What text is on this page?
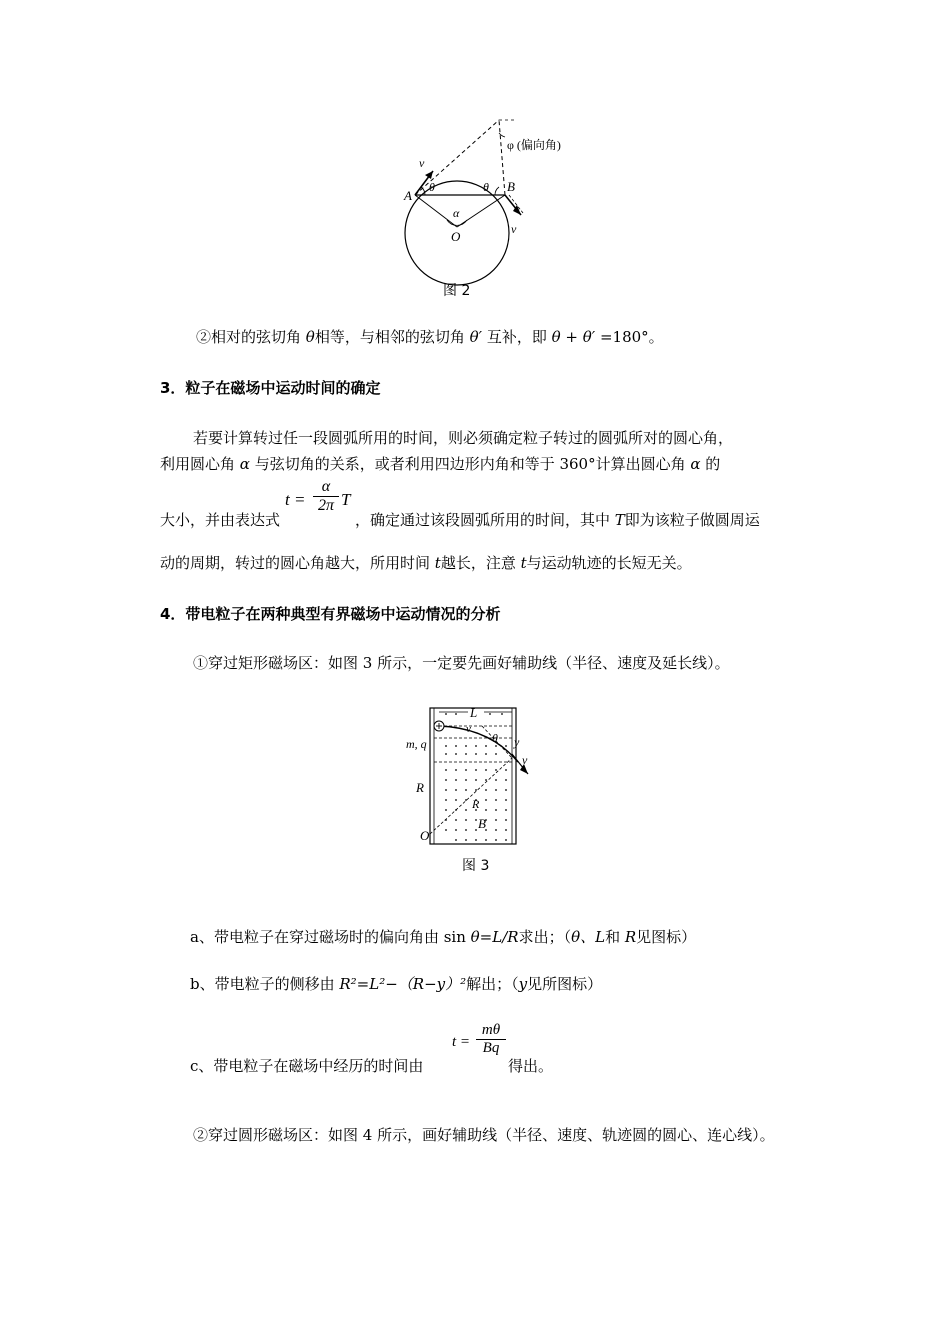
φ (偏向角)
A
B
O
θ	θ
α
v
v
图 2
②相对的弦切角 θ相等，与相邻的弦切角 θ′ 互补，即 θ + θ′ =180°。
3．粒子在磁场中运动时间的确定
若要计算转过任一段圆弧所用的时间，则必须确定粒子转过的圆弧所对的圆心角，
利用圆心角 α 与弦切角的关系，或者利用四边形内角和等于 360°计算出圆心角 α 的
大小，并由表达式
t =
α
2π T
，确定通过该段圆弧所用的时间，其中 T即为该粒子做圆周运
动的周期，转过的圆心角越大，所用时间 t越长，注意 t与运动轨迹的长短无关。
4．带电粒子在两种典型有界磁场中运动情况的分析
①穿过矩形磁场区：如图 3 所示，一定要先画好辅助线（半径、速度及延长线）。
L
v
θ y
v
m, q
R
R
B
O
图 3
a、带电粒子在穿过磁场时的偏向角由 sin θ=L/R求出；（θ、L和 R见图标）
b、带电粒子的侧移由 R²=L²−（R−y）²解出；（y见所图标）
c、带电粒子在磁场中经历的时间由
t =
mθ
Bq
得出。
②穿过圆形磁场区：如图 4 所示，画好辅助线（半径、速度、轨迹圆的圆心、连心线）。
